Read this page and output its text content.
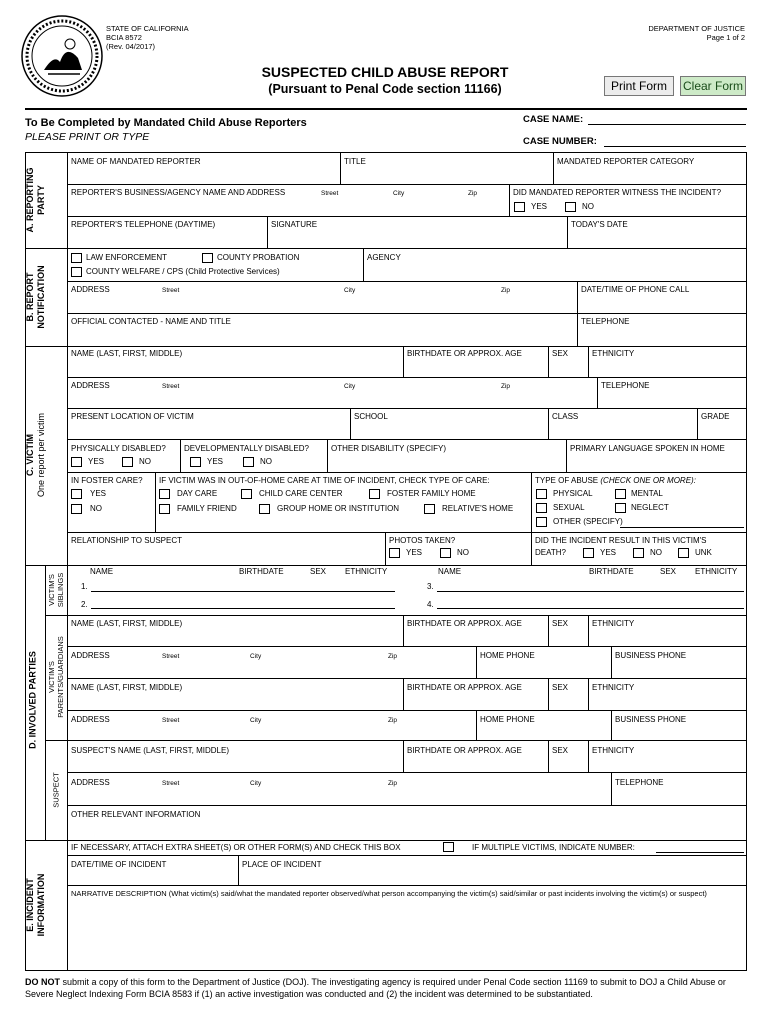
STATE OF CALIFORNIA
BCIA 8572
(Rev. 04/2017)
DEPARTMENT OF JUSTICE
Page 1 of 2
SUSPECTED CHILD ABUSE REPORT
(Pursuant to Penal Code section 11166)	Print Form	Clear Form
To Be Completed by Mandated Child Abuse Reporters
PLEASE PRINT OR TYPE
CASE NAME:
CASE NUMBER:
A. REPORTING PARTY
B. REPORT NOTIFICATION
C. VICTIM One report per victim
D. INVOLVED PARTIES
VICTIM'S SIBLINGS
VICTIM'S PARENTS/GUARDIANS
SUSPECT
E. INCIDENT INFORMATION
NAME OF MANDATED REPORTER	TITLE	MANDATED REPORTER CATEGORY
REPORTER'S BUSINESS/AGENCY NAME AND ADDRESS	Street	City	Zip	DID MANDATED REPORTER WITNESS THE INCIDENT?
YES	NO
REPORTER'S TELEPHONE (DAYTIME)	SIGNATURE	TODAY'S DATE
LAW ENFORCEMENT	COUNTY PROBATION	AGENCY
COUNTY WELFARE / CPS (Child Protective Services)
ADDRESS	Street	City	Zip	DATE/TIME OF PHONE CALL
OFFICIAL CONTACTED - NAME AND TITLE	TELEPHONE
NAME (LAST, FIRST, MIDDLE)	BIRTHDATE OR APPROX. AGE	SEX	ETHNICITY
ADDRESS	Street	City	Zip	TELEPHONE
PRESENT LOCATION OF VICTIM	SCHOOL	CLASS	GRADE
PHYSICALLY DISABLED?
YES	NO
DEVELOPMENTALLY DISABLED?
YES	NO
OTHER DISABILITY (SPECIFY)	PRIMARY LANGUAGE SPOKEN IN HOME
IN FOSTER CARE?
YES
NO
IF VICTIM WAS IN OUT-OF-HOME CARE AT TIME OF INCIDENT, CHECK TYPE OF CARE:
DAY CARE	CHILD CARE CENTER	FOSTER FAMILY HOME
FAMILY FRIEND	GROUP HOME OR INSTITUTION	RELATIVE'S HOME
TYPE OF ABUSE (CHECK ONE OR MORE):
PHYSICAL	MENTAL
SEXUAL	NEGLECT
OTHER (SPECIFY)
RELATIONSHIP TO SUSPECT	PHOTOS TAKEN?
YES	NO
DID THE INCIDENT RESULT IN THIS VICTIM'S
DEATH?	YES	NO	UNK
NAME	BIRTHDATE	SEX ETHNICITY	NAME	BIRTHDATE	SEX ETHNICITY
1.
2.
3.
4.
NAME (LAST, FIRST, MIDDLE)	BIRTHDATE OR APPROX. AGE	SEX	ETHNICITY
ADDRESS	Street	City	Zip	HOME PHONE	BUSINESS PHONE
NAME (LAST, FIRST, MIDDLE)	BIRTHDATE OR APPROX. AGE	SEX	ETHNICITY
ADDRESS	Street	City	Zip	HOME PHONE	BUSINESS PHONE
SUSPECT'S NAME (LAST, FIRST, MIDDLE)	BIRTHDATE OR APPROX. AGE	SEX	ETHNICITY
ADDRESS	Street	City	Zip	TELEPHONE
OTHER RELEVANT INFORMATION
IF NECESSARY, ATTACH EXTRA SHEET(S) OR OTHER FORM(S) AND CHECK THIS BOX	IF MULTIPLE VICTIMS, INDICATE NUMBER:
DATE/TIME OF INCIDENT	PLACE OF INCIDENT
NARRATIVE DESCRIPTION (What victim(s) said/what the mandated reporter observed/what person accompanying the victim(s) said/similar or past incidents involving the victim(s) or suspect)
DO NOT submit a copy of this form to the Department of Justice (DOJ). The investigating agency is required under Penal Code section 11169 to submit to DOJ a Child Abuse or Severe Neglect Indexing Form BCIA 8583 if (1) an active investigation was conducted and (2) the incident was determined to be substantiated.
